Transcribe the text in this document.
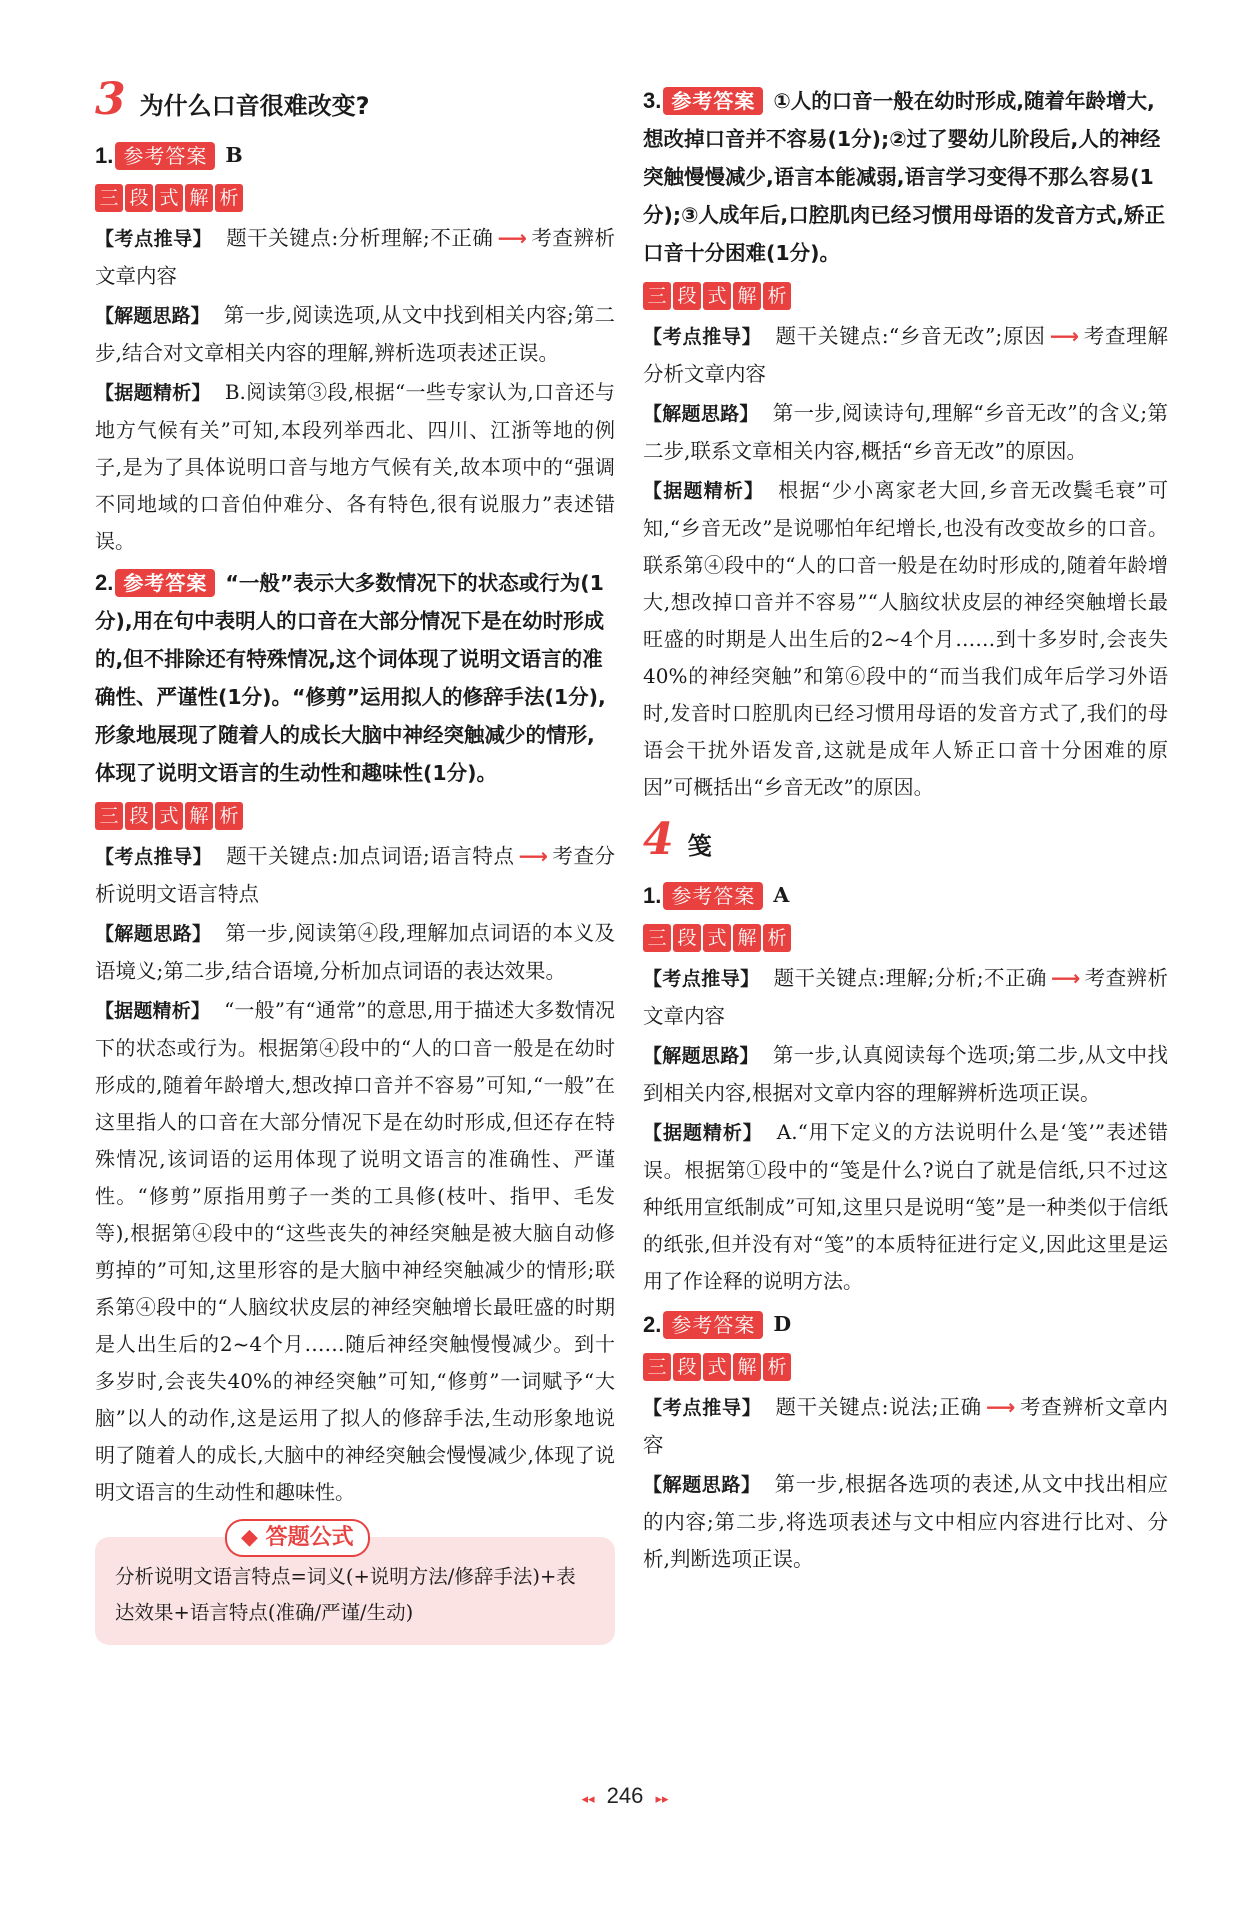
3 为什么口音很难改变?
1. 参考答案 B
三 段 式 解 析

【考点推导】 题干关键点:分析理解;不正确 ⟶ 考查辨析文章内容

【解题思路】 第一步,阅读选项,从文中找到相关内容;第二步,结合对文章相关内容的理解,辨析选项表述正误。

【据题精析】 B.阅读第③段,根据“一些专家认为,口音还与地方气候有关”可知,本段列举西北、四川、江浙等地的例子,是为了具体说明口音与地方气候有关,故本项中的“强调不同地域的口音伯仲难分、各有特色,很有说服力”表述错误。

2. 参考答案 “一般”表示大多数情况下的状态或行为(1分),用在句中表明人的口音在大部分情况下是在幼时形成的,但不排除还有特殊情况,这个词体现了说明文语言的准确性、严谨性(1分)。“修剪”运用拟人的修辞手法(1分),形象地展现了随着人的成长大脑中神经突触减少的情形,体现了说明文语言的生动性和趣味性(1分)。
三 段 式 解 析

【考点推导】 题干关键点:加点词语;语言特点 ⟶ 考查分析说明文语言特点

【解题思路】 第一步,阅读第④段,理解加点词语的本义及语境义;第二步,结合语境,分析加点词语的表达效果。

【据题精析】 “一般”有“通常”的意思,用于描述大多数情况下的状态或行为。根据第④段中的“人的口音一般是在幼时形成的,随着年龄增大,想改掉口音并不容易”可知,“一般”在这里指人的口音在大部分情况下是在幼时形成,但还存在特殊情况,该词语的运用体现了说明文语言的准确性、严谨性。“修剪”原指用剪子一类的工具修(枝叶、指甲、毛发等),根据第④段中的“这些丧失的神经突触是被大脑自动修剪掉的”可知,这里形容的是大脑中神经突触减少的情形;联系第④段中的“人脑纹状皮层的神经突触增长最旺盛的时期是人出生后的2~4个月……随后神经突触慢慢减少。到十多岁时,会丧失40%的神经突触”可知,“修剪”一词赋予“大脑”以人的动作,这是运用了拟人的修辞手法,生动形象地说明了随着人的成长,大脑中的神经突触会慢慢减少,体现了说明文语言的生动性和趣味性。

◆ 答题公式
分析说明文语言特点=词义(+说明方法/修辞手法)+表达效果+语言特点(准确/严谨/生动)
3. 参考答案 ①人的口音一般在幼时形成,随着年龄增大,想改掉口音并不容易(1分);②过了婴幼儿阶段后,人的神经突触慢慢减少,语言本能减弱,语言学习变得不那么容易(1分);③人成年后,口腔肌肉已经习惯用母语的发音方式,矫正口音十分困难(1分)。
三 段 式 解 析

【考点推导】 题干关键点:“乡音无改”;原因 ⟶ 考查理解分析文章内容

【解题思路】 第一步,阅读诗句,理解“乡音无改”的含义;第二步,联系文章相关内容,概括“乡音无改”的原因。

【据题精析】 根据“少小离家老大回,乡音无改鬓毛衰”可知,“乡音无改”是说哪怕年纪增长,也没有改变故乡的口音。联系第④段中的“人的口音一般是在幼时形成的,随着年龄增大,想改掉口音并不容易”“人脑纹状皮层的神经突触增长最旺盛的时期是人出生后的2~4个月……到十多岁时,会丧失40%的神经突触”和第⑥段中的“而当我们成年后学习外语时,发音时口腔肌肉已经习惯用母语的发音方式了,我们的母语会干扰外语发音,这就是成年人矫正口音十分困难的原因”可概括出“乡音无改”的原因。

4 笺
1. 参考答案 A
三 段 式 解 析

【考点推导】 题干关键点:理解;分析;不正确 ⟶ 考查辨析文章内容

【解题思路】 第一步,认真阅读每个选项;第二步,从文中找到相关内容,根据对文章内容的理解辨析选项正误。

【据题精析】 A.“用下定义的方法说明什么是‘笺’”表述错误。根据第①段中的“笺是什么?说白了就是信纸,只不过这种纸用宣纸制成”可知,这里只是说明“笺”是一种类似于信纸的纸张,但并没有对“笺”的本质特征进行定义,因此这里是运用了作诠释的说明方法。

2. 参考答案 D
三 段 式 解 析

【考点推导】 题干关键点:说法;正确 ⟶ 考查辨析文章内容

【解题思路】 第一步,根据各选项的表述,从文中找出相应的内容;第二步,将选项表述与文中相应内容进行比对、分析,判断选项正误。

◂◂ 246 ▸▸
